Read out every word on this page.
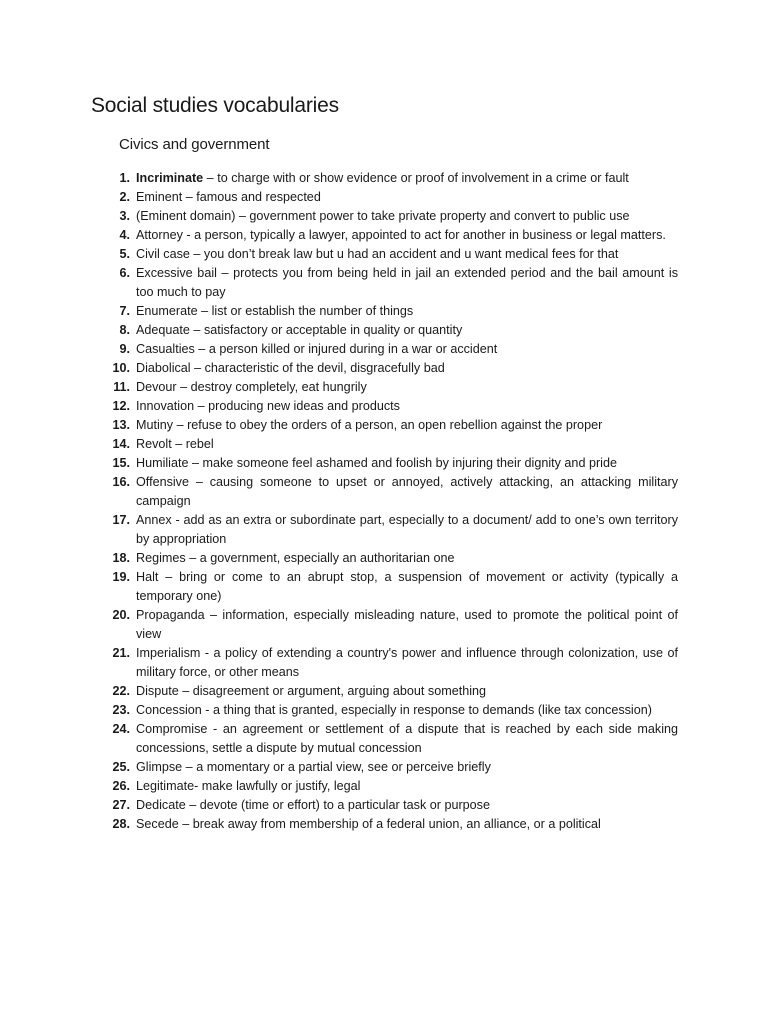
Social studies vocabularies
Civics and government
1. Incriminate – to charge with or show evidence or proof of involvement in a crime or fault
2. Eminent – famous and respected
3. (Eminent domain) – government power to take private property and convert to public use
4. Attorney - a person, typically a lawyer, appointed to act for another in business or legal matters.
5. Civil case – you don’t break law but u had an accident and u want medical fees for that
6. Excessive bail – protects you from being held in jail an extended period and the bail amount is too much to pay
7. Enumerate – list or establish the number of things
8. Adequate – satisfactory or acceptable in quality or quantity
9. Casualties – a person killed or injured during in a war or accident
10. Diabolical – characteristic of the devil, disgracefully bad
11. Devour – destroy completely, eat hungrily
12. Innovation – producing new ideas and products
13. Mutiny – refuse to obey the orders of a person, an open rebellion against the proper
14. Revolt – rebel
15. Humiliate – make someone feel ashamed and foolish by injuring their dignity and pride
16. Offensive – causing someone to upset or annoyed, actively attacking, an attacking military campaign
17. Annex - add as an extra or subordinate part, especially to a document/ add to one’s own territory by appropriation
18. Regimes – a government, especially an authoritarian one
19. Halt – bring or come to an abrupt stop, a suspension of movement or activity (typically a temporary one)
20. Propaganda – information, especially misleading nature, used to promote the political point of view
21. Imperialism - a policy of extending a country's power and influence through colonization, use of military force, or other means
22. Dispute – disagreement or argument, arguing about something
23. Concession - a thing that is granted, especially in response to demands (like tax concession)
24. Compromise - an agreement or settlement of a dispute that is reached by each side making concessions, settle a dispute by mutual concession
25. Glimpse – a momentary or a partial view, see or perceive briefly
26. Legitimate- make lawfully or justify, legal
27. Dedicate – devote (time or effort) to a particular task or purpose
28. Secede – break away from membership of a federal union, an alliance, or a political
